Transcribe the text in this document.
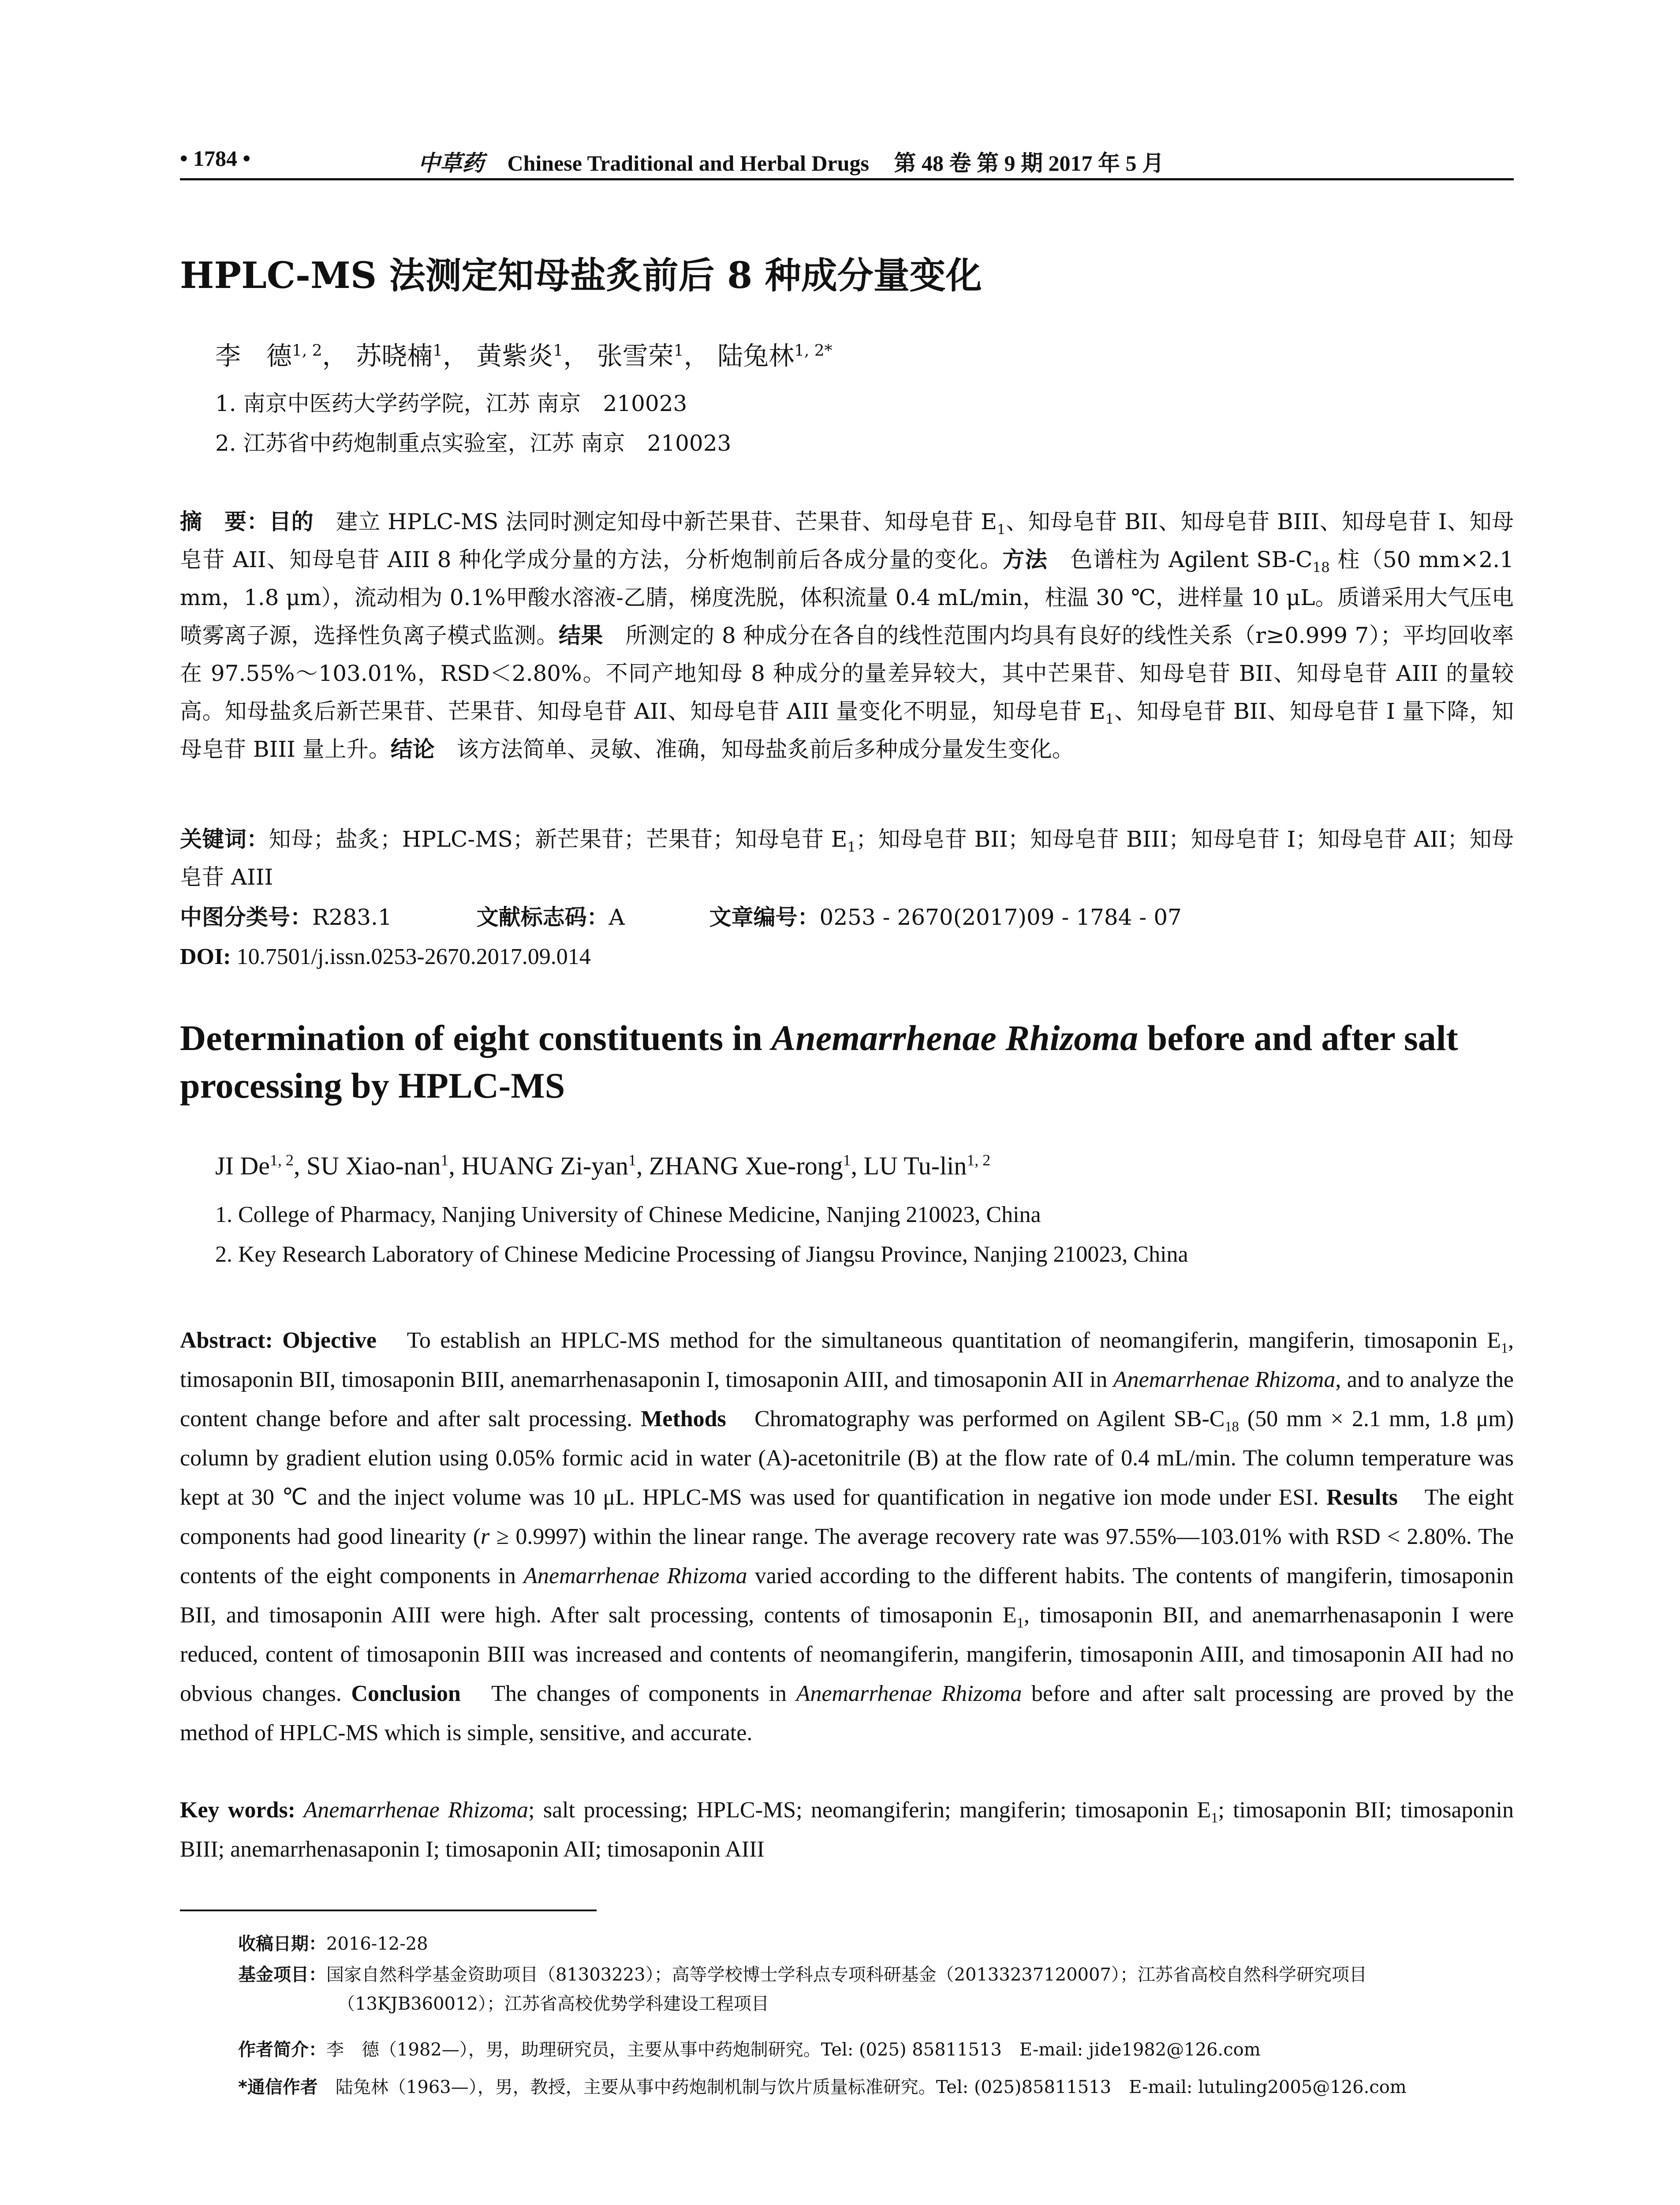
• 1784 •	中草药 Chinese Traditional and Herbal Drugs 第 48 卷 第 9 期 2017 年 5 月
HPLC-MS 法测定知母盐炙前后 8 种成分量变化
李　德$^{1, 2}$， 苏晓楠$^1$， 黄紫炎$^1$， 张雪荣$^1$， 陆兔林$^{1, 2*}$
1. 南京中医药大学药学院，江苏 南京　210023
2. 江苏省中药炮制重点实验室，江苏 南京　210023
摘　要：目的　建立 HPLC-MS 法同时测定知母中新芒果苷、芒果苷、知母皂苷 $E_1$、知母皂苷 BII、知母皂苷 BIII、知母皂苷 I、知母皂苷 AII、知母皂苷 AIII 8 种化学成分量的方法，分析炮制前后各成分量的变化。方法　色谱柱为 Agilent $SB-C_{18}$ 柱（50 mm×2.1 mm，1.8 μm），流动相为 0.1%甲酸水溶液-乙腈，梯度洗脱，体积流量 0.4 mL/min，柱温 30 ℃，进样量 10 μL。质谱采用大气压电喷雾离子源，选择性负离子模式监测。结果　所测定的 8 种成分在各自的线性范围内均具有良好的线性关系（r≥0.999 7）；平均回收率在 97.55%～103.01%，RSD＜2.80%。不同产地知母 8 种成分的量差异较大，其中芒果苷、知母皂苷 BII、知母皂苷 AIII 的量较高。知母盐炙后新芒果苷、芒果苷、知母皂苷 AII、知母皂苷 AIII 量变化不明显，知母皂苷 $E_1$、知母皂苷 BII、知母皂苷 I 量下降，知母皂苷 BIII 量上升。结论　该方法简单、灵敏、准确，知母盐炙前后多种成分量发生变化。
关键词：知母；盐炙；HPLC-MS；新芒果苷；芒果苷；知母皂苷 $E_1$；知母皂苷 BII；知母皂苷 BIII；知母皂苷 I；知母皂苷 AII；知母皂苷 AIII
中图分类号：R283.1	文献标志码：A	文章编号：0253 - 2670(2017)09 - 1784 - 07
DOI: 10.7501/j.issn.0253-2670.2017.09.014
Determination of eight constituents in Anemarrhenae Rhizoma before and after salt processing by HPLC-MS
JI De$^{1, 2}$, SU Xiao-nan$^1$, HUANG Zi-yan$^1$, ZHANG Xue-rong$^1$, LU Tu-lin$^{1, 2}$
1. College of Pharmacy, Nanjing University of Chinese Medicine, Nanjing 210023, China
2. Key Research Laboratory of Chinese Medicine Processing of Jiangsu Province, Nanjing 210023, China
Abstract: Objective　To establish an HPLC-MS method for the simultaneous quantitation of neomangiferin, mangiferin, timosaponin $E_1$, timosaponin BII, timosaponin BIII, anemarrhenasaponin I, timosaponin AIII, and timosaponin AII in Anemarrhenae Rhizoma, and to analyze the content change before and after salt processing. Methods　Chromatography was performed on Agilent $SB-C_{18}$ (50 mm × 2.1 mm, 1.8 μm) column by gradient elution using 0.05% formic acid in water (A)-acetonitrile (B) at the flow rate of 0.4 mL/min. The column temperature was kept at 30 ℃ and the inject volume was 10 μL. HPLC-MS was used for quantification in negative ion mode under ESI. Results　The eight components had good linearity (r ≥ 0.9997) within the linear range. The average recovery rate was 97.55%—103.01% with RSD < 2.80%. The contents of the eight components in Anemarrhenae Rhizoma varied according to the different habits. The contents of mangiferin, timosaponin BII, and timosaponin AIII were high. After salt processing, contents of timosaponin $E_1$, timosaponin BII, and anemarrhenasaponin I were reduced, content of timosaponin BIII was increased and contents of neomangiferin, mangiferin, timosaponin AIII, and timosaponin AII had no obvious changes. Conclusion　The changes of components in Anemarrhenae Rhizoma before and after salt processing are proved by the method of HPLC-MS which is simple, sensitive, and accurate.
Key words: Anemarrhenae Rhizoma; salt processing; HPLC-MS; neomangiferin; mangiferin; timosaponin $E_1$; timosaponin BII; timosaponin BIII; anemarrhenasaponin I; timosaponin AII; timosaponin AIII
收稿日期：2016-12-28
基金项目：国家自然科学基金资助项目（81303223）；高等学校博士学科点专项科研基金（20133237120007）；江苏省高校自然科学研究项目（13KJB360012）；江苏省高校优势学科建设工程项目
作者简介：李　德（1982—），男，助理研究员，主要从事中药炮制研究。Tel: (025) 85811513　E-mail: jide1982@126.com
*通信作者　陆兔林（1963—），男，教授，主要从事中药炮制机制与饮片质量标准研究。Tel: (025)85811513　E-mail: lutuling2005@126.com
